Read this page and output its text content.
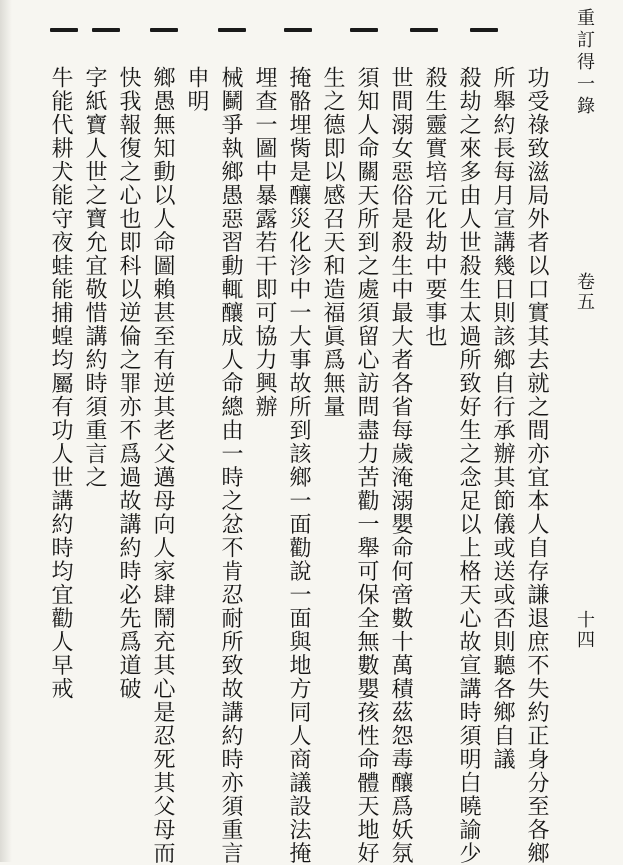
重訂得一錄
卷五
十四
功受祿致滋局外者以口實其去就之間亦宜本人自存謙退庶不失約正身分至各鄉
所舉約長每月宣講幾日則該鄉自行承辦其節儀或送或否則聽各鄉自議
殺劫之來多由人世殺生太過所致好生之念足以上格天心故宣講時須明白曉諭少
殺生靈實培元化劫中要事也
世間溺女惡俗是殺生中最大者各省每歲淹溺嬰命何啻數十萬積茲怨毒釀爲妖氛
須知人命關天所到之處須留心訪問盡力苦勸一舉可保全無數嬰孩性命體天地好
生之德即以感召天和造福眞爲無量
掩骼埋胔是釀災化沴中一大事故所到該鄉一面勸說一面與地方同人商議設法掩
埋查一圖中暴露若干即可協力興辦
械鬭爭執鄉愚惡習動輒釀成人命總由一時之忿不肯忍耐所致故講約時亦須重言
申明
鄉愚無知動以人命圖賴甚至有逆其老父邁母向人家肆鬧充其心是忍死其父母而
快我報復之心也即科以逆倫之罪亦不爲過故講約時必先爲道破
字紙寶人世之寶允宜敬惜講約時須重言之
牛能代耕犬能守夜蛙能捕蝗均屬有功人世講約時均宜勸人早戒
